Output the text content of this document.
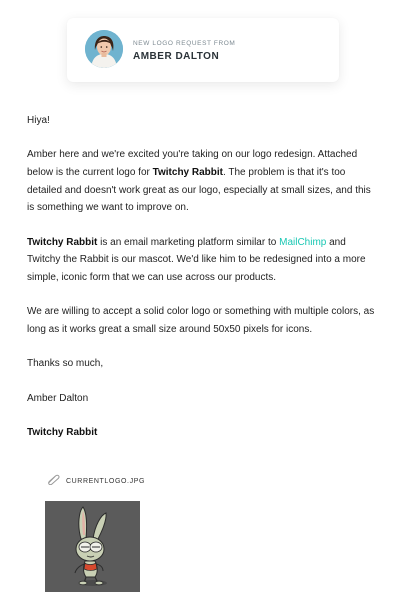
NEW LOGO REQUEST FROM
AMBER DALTON

Hiya!

Amber here and we're excited you're taking on our logo redesign. Attached below is the current logo for Twitchy Rabbit. The problem is that it's too detailed and doesn't work great as our logo, especially at small sizes, and this is something we want to improve on.

Twitchy Rabbit is an email marketing platform similar to MailChimp and Twitchy the Rabbit is our mascot. We'd like him to be redesigned into a more simple, iconic form that we can use across our products.

We are willing to accept a solid color logo or something with multiple colors, as long as it works great a small size around 50x50 pixels for icons.

Thanks so much,

Amber Dalton

Twitchy Rabbit

CURRENTLOGO.JPG
